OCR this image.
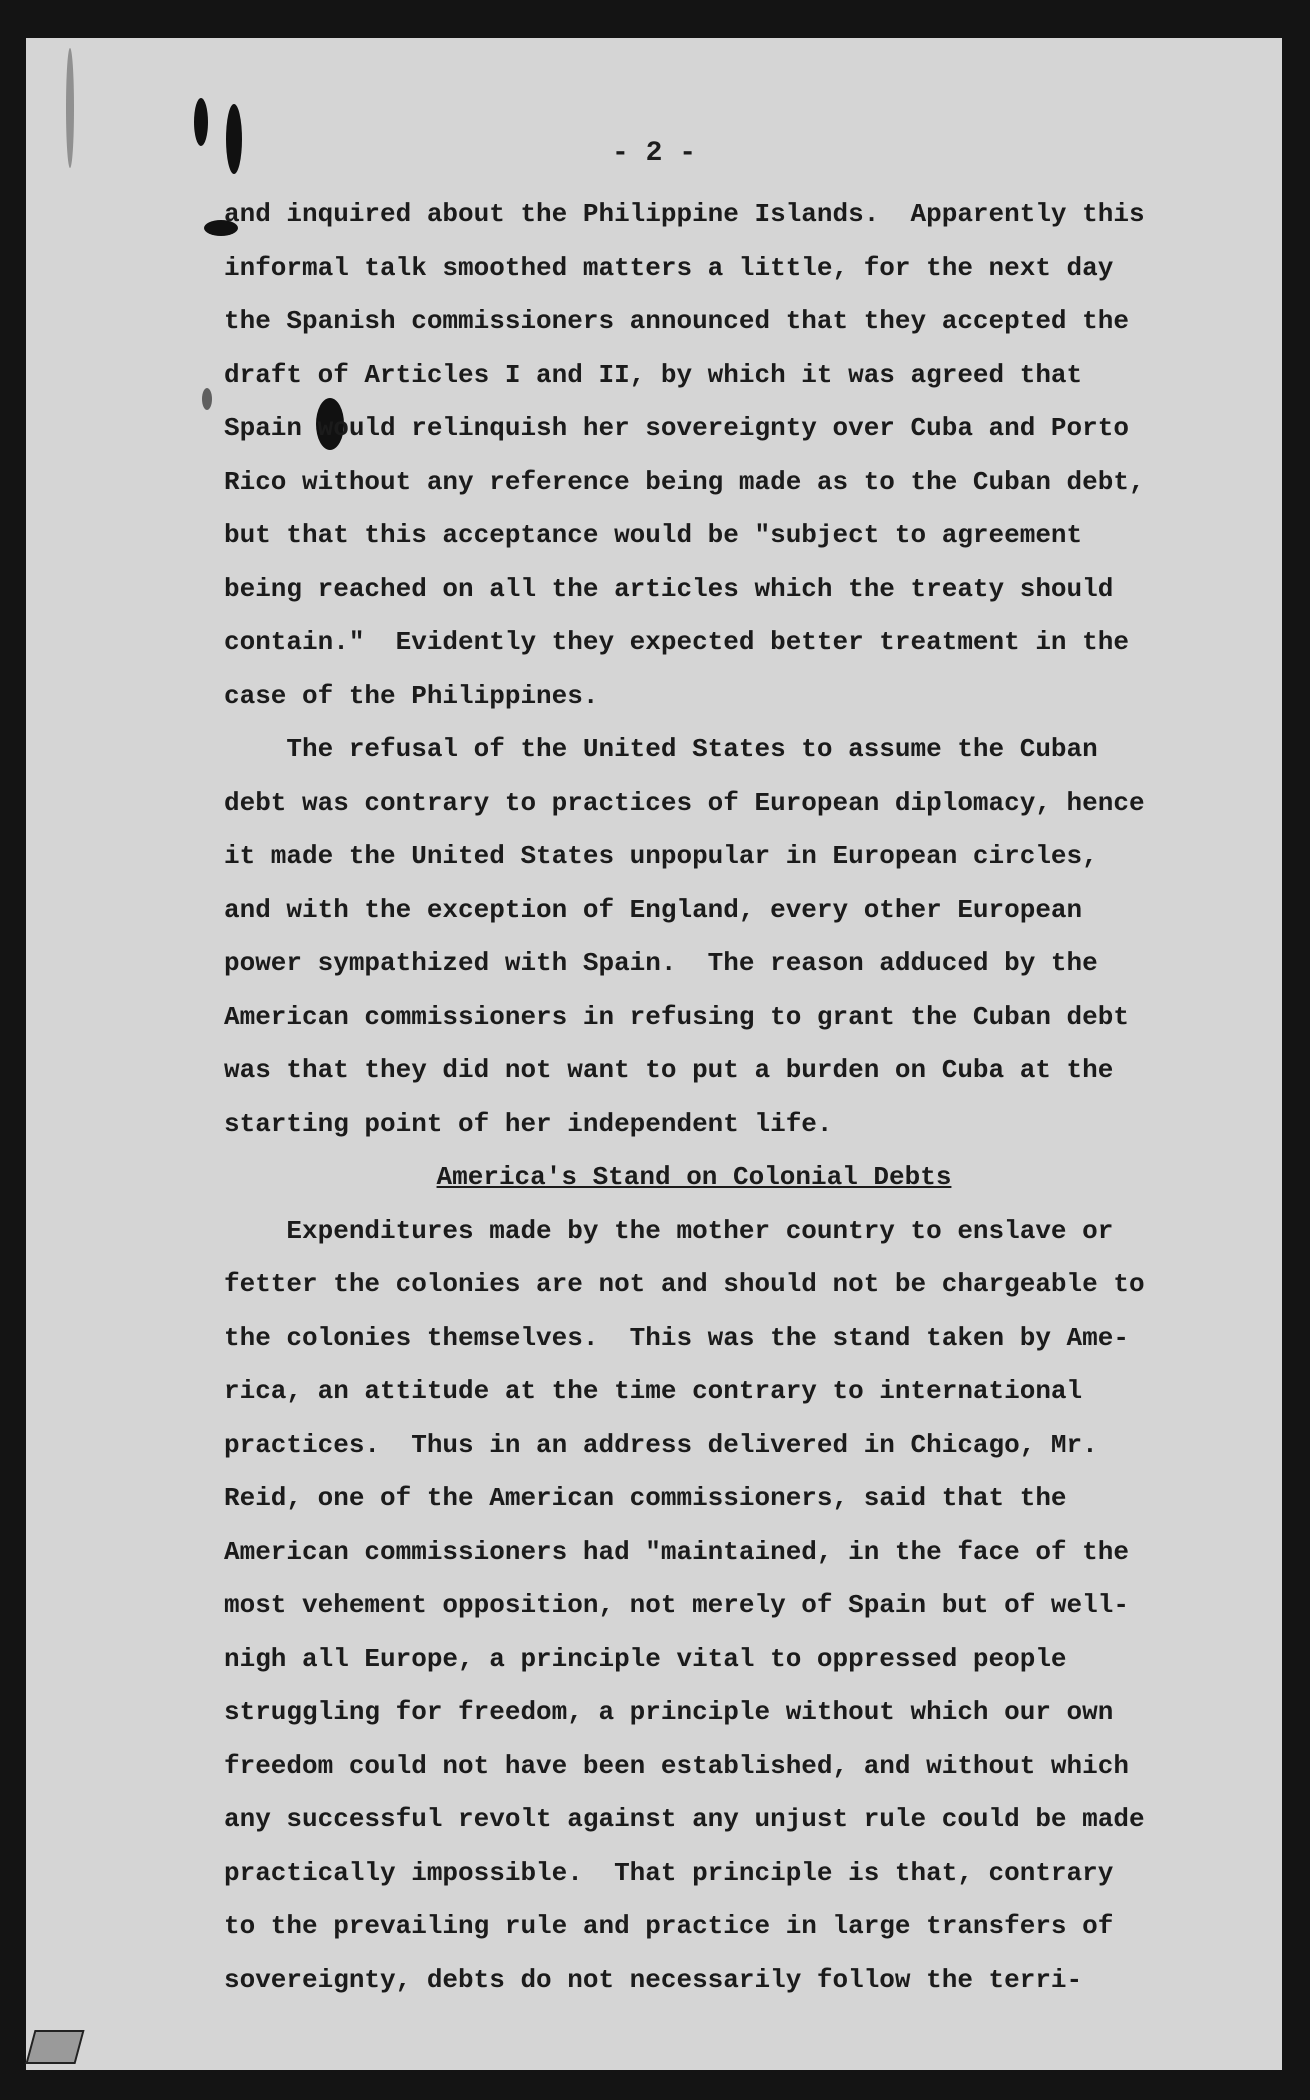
- 2 -

and inquired about the Philippine Islands.  Apparently this
informal talk smoothed matters a little, for the next day
the Spanish commissioners announced that they accepted the
draft of Articles I and II, by which it was agreed that
Spain would relinquish her sovereignty over Cuba and Porto
Rico without any reference being made as to the Cuban debt,
but that this acceptance would be "subject to agreement
being reached on all the articles which the treaty should
contain."  Evidently they expected better treatment in the
case of the Philippines.
The refusal of the United States to assume the Cuban
debt was contrary to practices of European diplomacy, hence
it made the United States unpopular in European circles,
and with the exception of England, every other European
power sympathized with Spain.  The reason adduced by the
American commissioners in refusing to grant the Cuban debt
was that they did not want to put a burden on Cuba at the
starting point of her independent life.
America's Stand on Colonial Debts
Expenditures made by the mother country to enslave or
fetter the colonies are not and should not be chargeable to
the colonies themselves.  This was the stand taken by Ame-
rica, an attitude at the time contrary to international
practices.  Thus in an address delivered in Chicago, Mr.
Reid, one of the American commissioners, said that the
American commissioners had "maintained, in the face of the
most vehement opposition, not merely of Spain but of well-
nigh all Europe, a principle vital to oppressed people
struggling for freedom, a principle without which our own
freedom could not have been established, and without which
any successful revolt against any unjust rule could be made
practically impossible.  That principle is that, contrary
to the prevailing rule and practice in large transfers of
sovereignty, debts do not necessarily follow the terri-
